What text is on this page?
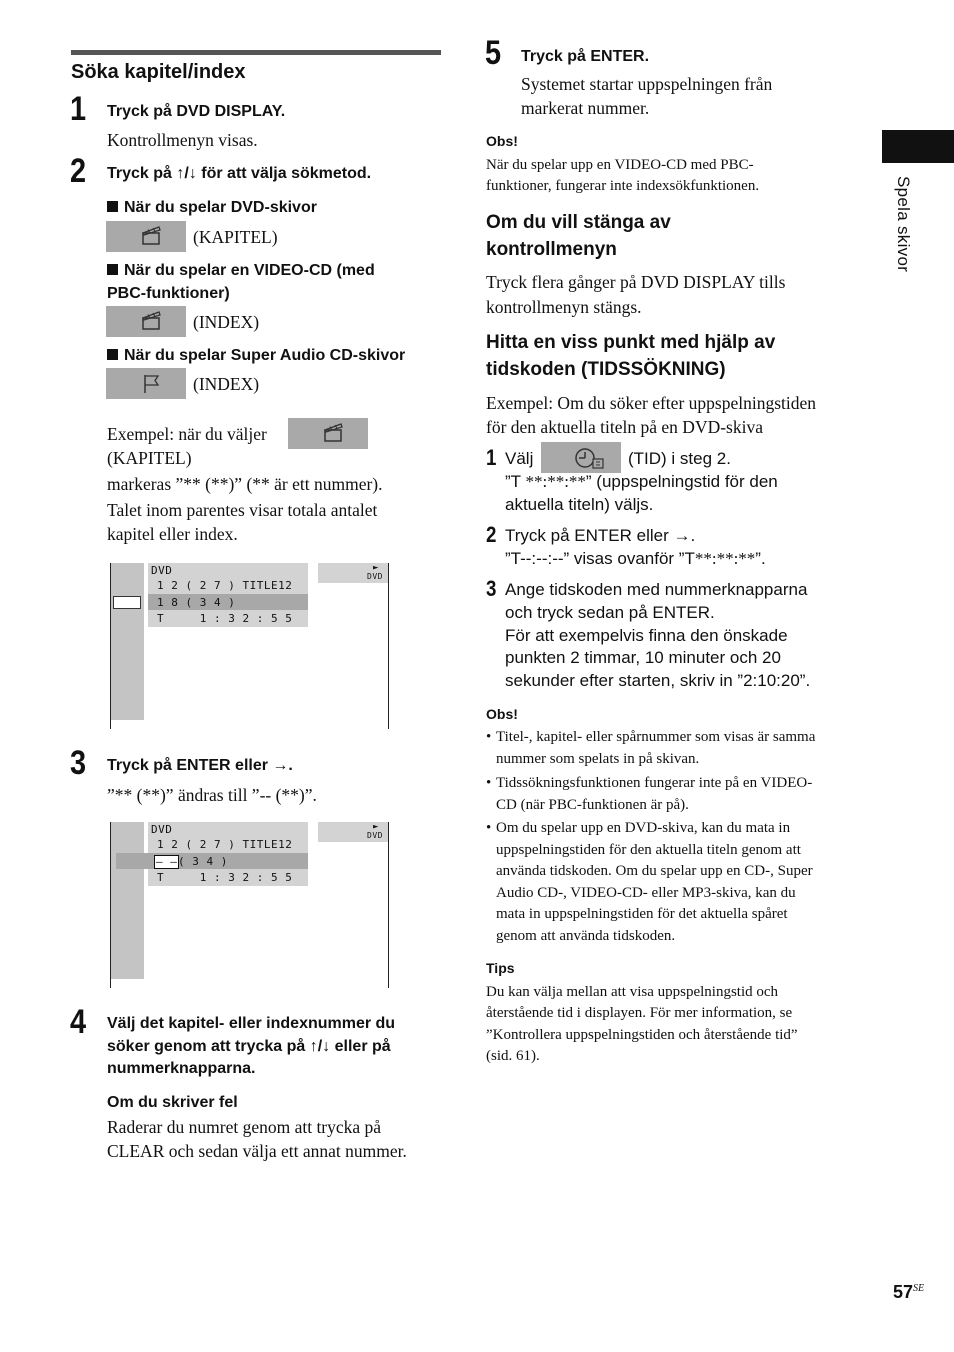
Söka kapitel/index
1 Tryck på DVD DISPLAY.
Kontrollmenyn visas.
2 Tryck på ↑/↓ för att välja sökmetod.
När du spelar DVD-skivor
(KAPITEL)
När du spelar en VIDEO-CD (med
PBC-funktioner)
(INDEX)
När du spelar Super Audio CD-skivor
(INDEX)
Exempel: när du väljer
(KAPITEL)
markeras ”** (**)” (** är ett nummer).
Talet inom parentes visar totala antalet
kapitel eller index.
DVD
1 2 ( 2 7 ) TITLE12
1 8 ( 3 4 )
T     1 : 3 2 : 5 5
►
DVD
3 Tryck på ENTER eller →.
”** (**)” ändras till ”-- (**)”.
DVD
1 2 ( 2 7 ) TITLE12
– – ( 3 4 )
T     1 : 3 2 : 5 5
►
DVD
4 Välj det kapitel- eller indexnummer du
söker genom att trycka på ↑/↓ eller på
nummerknapparna.
Om du skriver fel
Raderar du numret genom att trycka på
CLEAR och sedan välja ett annat nummer.
5 Tryck på ENTER.
Systemet startar uppspelningen från
markerat nummer.
Obs!
När du spelar upp en VIDEO-CD med PBC-
funktioner, fungerar inte indexsökfunktionen.
Om du vill stänga av
kontrollmenyn
Tryck flera gånger på DVD DISPLAY tills
kontrollmenyn stängs.
Hitta en viss punkt med hjälp av
tidskoden (TIDSSÖKNING)
Exempel: Om du söker efter uppspelningstiden
för den aktuella titeln på en DVD-skiva
1 Välj	(TID) i steg 2.
”T **:**:**” (uppspelningstid för den
aktuella titeln) väljs.
2 Tryck på ENTER eller →.
”T--:--:--” visas ovanför ”T**:**:**”.
3 Ange tidskoden med nummerknapparna
och tryck sedan på ENTER.
För att exempelvis finna den önskade
punkten 2 timmar, 10 minuter och 20
sekunder efter starten, skriv in ”2:10:20”.
Obs!
• Titel-, kapitel- eller spårnummer som visas är samma
nummer som spelats in på skivan.
• Tidssökningsfunktionen fungerar inte på en VIDEO-
CD (när PBC-funktionen är på).
• Om du spelar upp en DVD-skiva, kan du mata in
uppspelningstiden för den aktuella titeln genom att
använda tidskoden. Om du spelar upp en CD-, Super
Audio CD-, VIDEO-CD- eller MP3-skiva, kan du
mata in uppspelningstiden för det aktuella spåret
genom att använda tidskoden.
Tips
Du kan välja mellan att visa uppspelningstid och
återstående tid i displayen. För mer information, se
”Kontrollera uppspelningstiden och återstående tid”
(sid. 61).
Spela skivor
$57^{SE}$
